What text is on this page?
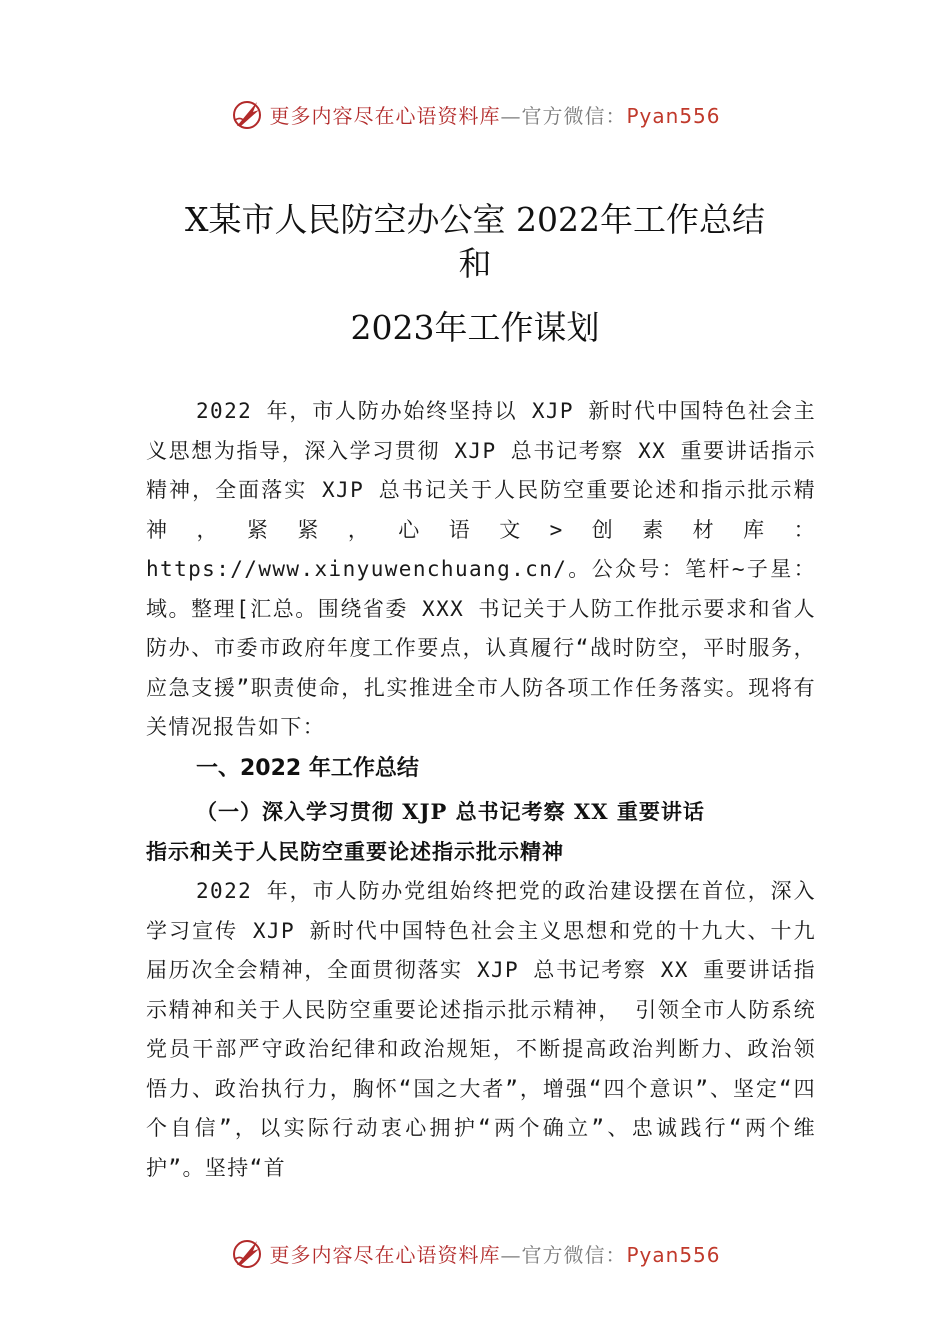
更多内容尽在心语资料库—官方微信：Pyan556
X某市人民防空办公室 2022年工作总结
和
2023年工作谋划

2022 年，市人防办始终坚持以 XJP 新时代中国特色社会主义思想为指导，深入学习贯彻 XJP 总书记考察 XX 重要讲话指示精神，全面落实 XJP 总书记关于人民防空重要论述和指示批示精神，紧紧，心语文>创素材库：https://www.xinyuwenchuang.cn/。公众号：笔杆~子星：域。整理[汇总。围绕省委 XXX 书记关于人防工作批示要求和省人防办、市委市政府年度工作要点，认真履行“战时防空，平时服务，应急支援”职责使命，扎实推进全市人防各项工作任务落实。现将有关情况报告如下：

一、2022 年工作总结
（一）深入学习贯彻 XJP 总书记考察 XX 重要讲话
指示和关于人民防空重要论述指示批示精神

2022 年，市人防办党组始终把党的政治建设摆在首位，深入学习宣传 XJP 新时代中国特色社会主义思想和党的十九大、十九届历次全会精神，全面贯彻落实 XJP 总书记考察 XX 重要讲话指示精神和关于人民防空重要论述指示批示精神， 引领全市人防系统党员干部严守政治纪律和政治规矩，不断提高政治判断力、政治领悟力、政治执行力，胸怀“国之大者”，增强“四个意识”、坚定“四个自信”，以实际行动衷心拥护“两个确立”、忠诚践行“两个维护”。坚持“首

更多内容尽在心语资料库—官方微信：Pyan556
